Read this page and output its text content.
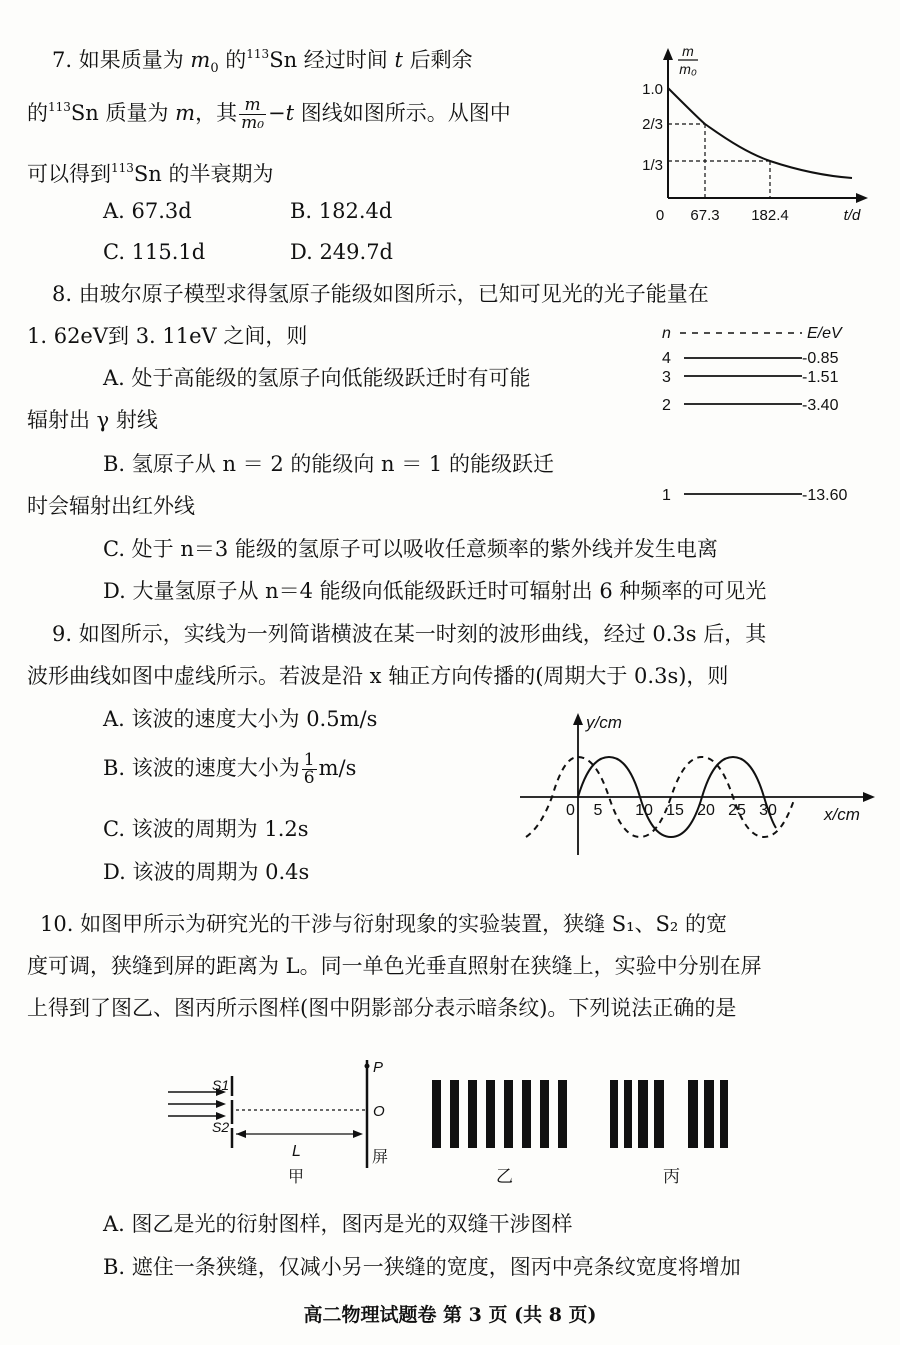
7. 如果质量为 $m_0$ 的$^{113}$Sn 经过时间 t 后剩余
的$^{113}$Sn 质量为 m，其 $\frac{m}{\text{m₀}} -t$ 图线如图所示。从图中
可以得到$^{113}$Sn 的半衰期为
A. 67.3d	B. 182.4d
C. 115.1d	D. 249.7d
m
m₀
1.0
2/3
1/3
0 67.3 182.4	t/d
8. 由玻尔原子模型求得氢原子能级如图所示，已知可见光的光子能量在
1. 62eV到 3. 11eV 之间，则
A. 处于高能级的氢原子向低能级跃迁时有可能
辐射出 γ 射线
B. 氢原子从 n ＝ 2 的能级向 n ＝ 1 的能级跃迁
时会辐射出红外线
C. 处于 n＝3 能级的氢原子可以吸收任意频率的紫外线并发生电离
D. 大量氢原子从 n＝4 能级向低能级跃迁时可辐射出 6 种频率的可见光
n	E/eV
4	-0.85
3	-1.51
2	-3.40
1	-13.60
9. 如图所示，实线为一列简谐横波在某一时刻的波形曲线，经过 0.3s 后，其
波形曲线如图中虚线所示。若波是沿 x 轴正方向传播的(周期大于 0.3s)，则
A. 该波的速度大小为 0.5m/s
B. 该波的速度大小为 $\frac{1}{6} m/s$
C. 该波的周期为 1.2s
D. 该波的周期为 0.4s
y/cm
x/cm
0 5 10 15 20 25 30
10. 如图甲所示为研究光的干涉与衍射现象的实验装置，狭缝 S₁、S₂ 的宽
度可调，狭缝到屏的距离为 L。同一单色光垂直照射在狭缝上，实验中分别在屏
上得到了图乙、图丙所示图样(图中阴影部分表示暗条纹)。下列说法正确的是
S1
S2
P
O
L	屏
甲	乙	丙
A. 图乙是光的衍射图样，图丙是光的双缝干涉图样
B. 遮住一条狭缝，仅减小另一狭缝的宽度，图丙中亮条纹宽度将增加
高二物理试题卷 第 3 页 (共 8 页)
